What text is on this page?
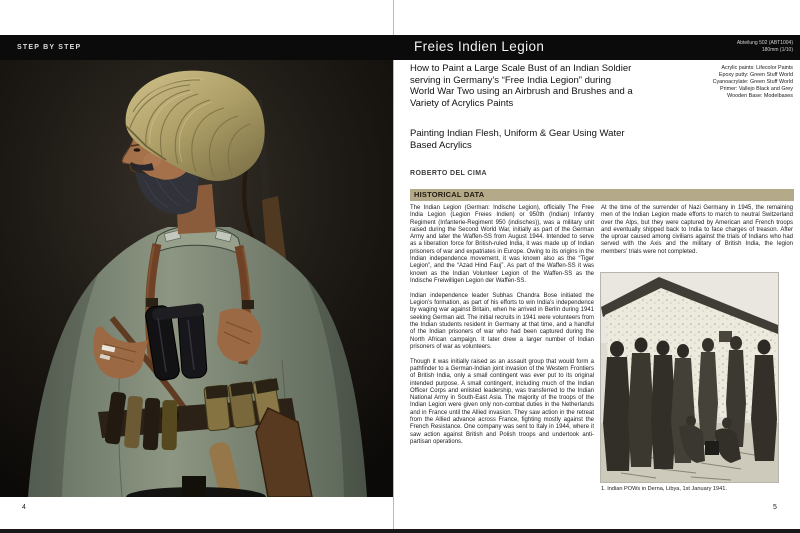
STEP BY STEP	Freies Indien Legion	Abteilung 502 (ABT1004)
180mm (1/10)
4
How to Paint a Large Scale Bust of an Indian Soldier serving in Germany’s “Free India Legion” during World War Two using an Airbrush and Brushes and a Variety of Acrylics Paints
Painting Indian Flesh, Uniform & Gear Using Water Based Acrylics
Acrylic paints: Lifecolor Paints
Epoxy putty: Green Stuff World
Cyanoacrylate: Green Stuff World
Primer: Vallejo Black and Grey
Wooden Base: Modelbases
ROBERTO DEL CIMA
HISTORICAL DATA

The Indian Legion (German: Indische Legion), officially The Free India Legion (Legion Freies Indien) or 950th (Indian) Infantry Regiment (Infanterie-Regiment 950 (indisches)), was a military unit raised during the Second World War, initially as part of the German Army and later the Waffen-SS from August 1944. Intended to serve as a liberation force for British-ruled India, it was made up of Indian prisoners of war and expatriates in Europe. Owing to its origins in the Indian independence movement, it was known also as the “Tiger Legion”, and the “Azad Hind Fauj”. As part of the Waffen-SS it was known as the Indian Volunteer Legion of the Waffen-SS as the Indische Freiwilligen Legion der Waffen-SS.

Indian independence leader Subhas Chandra Bose initiated the Legion’s formation, as part of his efforts to win India’s independence by waging war against Britain, when he arrived in Berlin during 1941 seeking German aid. The initial recruits in 1941 were volunteers from the Indian students resident in Germany at that time, and a handful of the Indian prisoners of war who had been captured during the North African campaign. It later drew a larger number of Indian prisoners of war as volunteers.

Though it was initially raised as an assault group that would form a pathfinder to a German-Indian joint invasion of the Western Frontiers of British India, only a small contingent was ever put to its original intended purpose. A small contingent, including much of the Indian Officer Corps and enlisted leadership, was transferred to the Indian National Army in South-East Asia. The majority of the troops of the Indian Legion were given only non-combat duties in the Netherlands and in France until the Allied invasion. They saw action in the retreat from the Allied advance across France, fighting mostly against the French Resistance. One company was sent to Italy in 1944, where it saw action against British and Polish troops and undertook anti-partisan operations.

At the time of the surrender of Nazi Germany in 1945, the remaining men of the Indian Legion made efforts to march to neutral Switzerland over the Alps, but they were captured by American and French troops and eventually shipped back to India to face charges of treason. After the uproar caused among civilians against the trials of Indians who had served with the Axis and the military of British India, the legion members’ trials were not completed.

1. Indian POWs in Derna, Libya, 1st January 1941.
5
